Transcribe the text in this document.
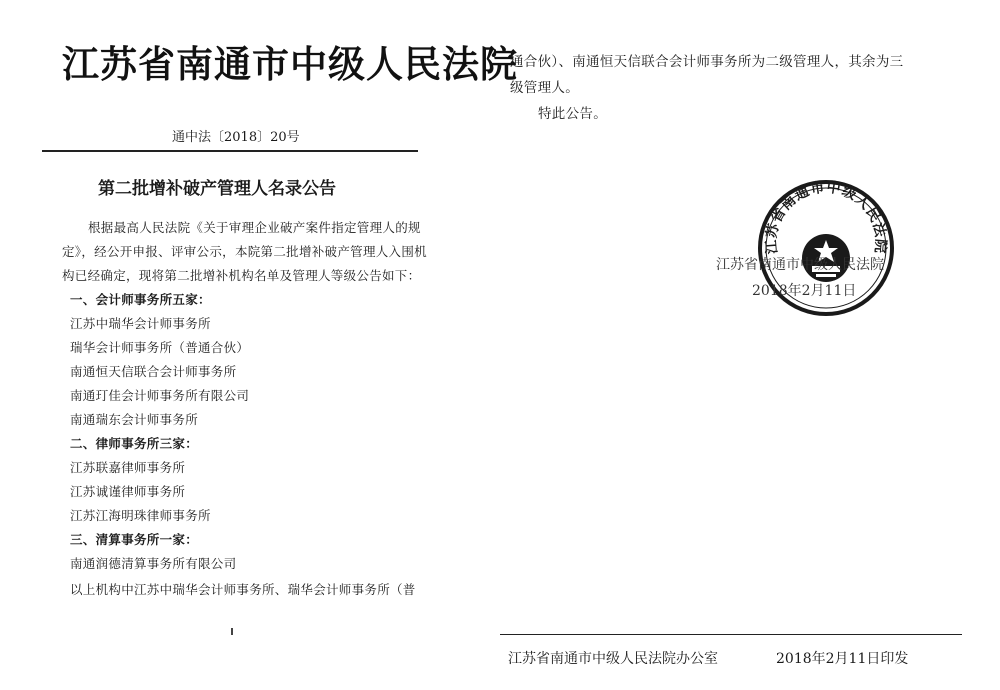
江苏省南通市中级人民法院
通中法〔2018〕20号
第二批增补破产管理人名录公告
根据最高人民法院《关于审理企业破产案件指定管理人的规
定》，经公开申报、评审公示，本院第二批增补破产管理人入围机
构已经确定，现将第二批增补机构名单及管理人等级公告如下：
一、会计师事务所五家：
江苏中瑞华会计师事务所
瑞华会计师事务所（普通合伙）
南通恒天信联合会计师事务所
南通玎佳会计师事务所有限公司
南通瑞东会计师事务所
二、律师事务所三家：
江苏联嘉律师事务所
江苏诚谨律师事务所
江苏江海明珠律师事务所
三、清算事务所一家：
南通润德清算事务所有限公司
以上机构中江苏中瑞华会计师事务所、瑞华会计师事务所（普
通合伙）、南通恒天信联合会计师事务所为二级管理人，其余为三
级管理人。
特此公告。
江苏省南通市中级人民法院
江苏省南通市中级人民法院
2018年2月11日
江苏省南通市中级人民法院办公室	2018年2月11日印发
